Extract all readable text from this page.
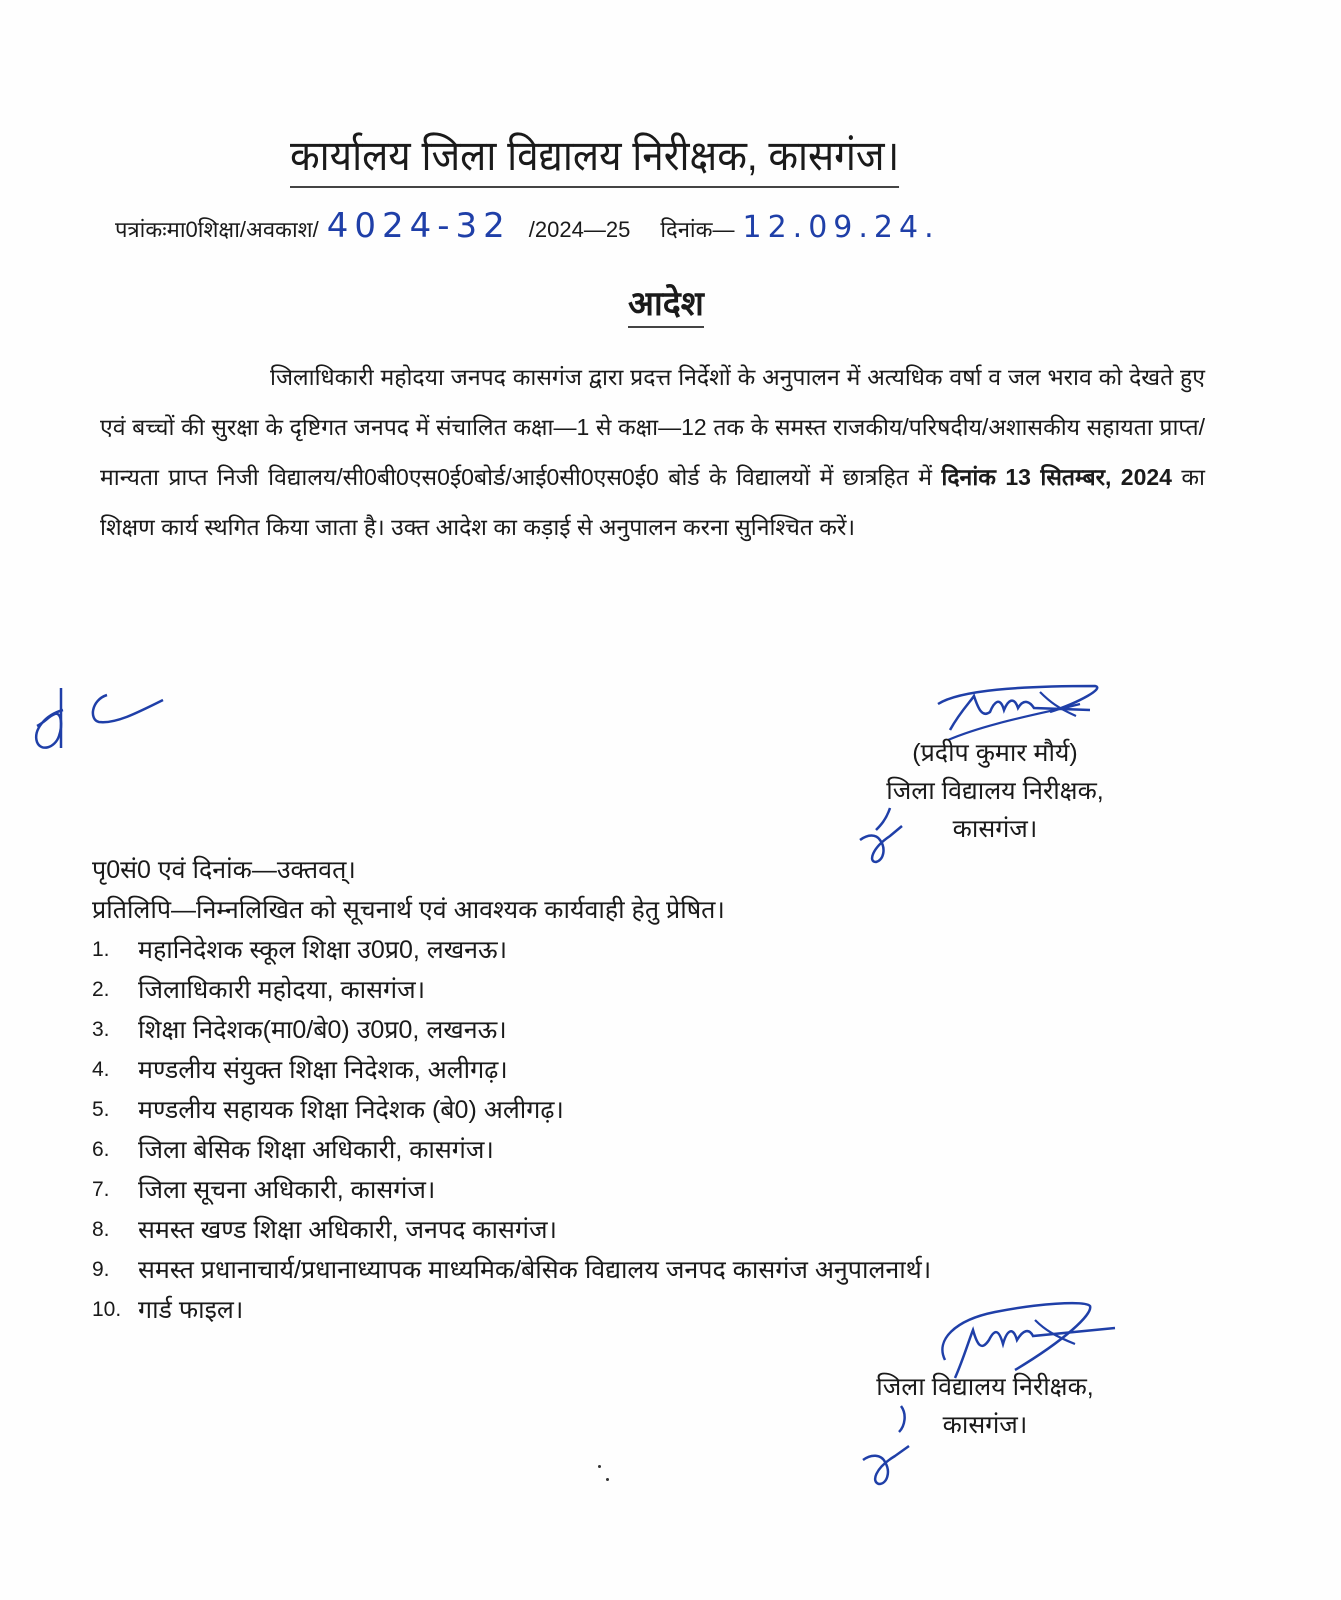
कार्यालय जिला विद्यालय निरीक्षक, कासगंज।
पत्रांकःमा0शिक्षा/अवकाश/ 4024-32 /2024—25 दिनांक— 12.09.24.
आदेश
जिलाधिकारी महोदया जनपद कासगंज द्वारा प्रदत्त निर्देशों के अनुपालन में अत्यधिक वर्षा व जल भराव को देखते हुए एवं बच्चों की सुरक्षा के दृष्टिगत जनपद में संचालित कक्षा—1 से कक्षा—12 तक के समस्त राजकीय/परिषदीय/अशासकीय सहायता प्राप्त/मान्यता प्राप्त निजी विद्यालय/सी0बी0एस0ई0बोर्ड/आई0सी0एस0ई0 बोर्ड के विद्यालयों में छात्रहित में दिनांक 13 सितम्बर, 2024 का शिक्षण कार्य स्थगित किया जाता है। उक्त आदेश का कड़ाई से अनुपालन करना सुनिश्चित करें।
(प्रदीप कुमार मौर्य)
जिला विद्यालय निरीक्षक,
कासगंज।
पृ0सं0 एवं दिनांक—उक्तवत्।
प्रतिलिपि—निम्नलिखित को सूचनार्थ एवं आवश्यक कार्यवाही हेतु प्रेषित।
1.	महानिदेशक स्कूल शिक्षा उ0प्र0, लखनऊ।
2.	जिलाधिकारी महोदया, कासगंज।
3.	शिक्षा निदेशक(मा0/बे0) उ0प्र0, लखनऊ।
4.	मण्डलीय संयुक्त शिक्षा निदेशक, अलीगढ़।
5.	मण्डलीय सहायक शिक्षा निदेशक (बे0) अलीगढ़।
6.	जिला बेसिक शिक्षा अधिकारी, कासगंज।
7.	जिला सूचना अधिकारी, कासगंज।
8.	समस्त खण्ड शिक्षा अधिकारी, जनपद कासगंज।
9.	समस्त प्रधानाचार्य/प्रधानाध्यापक माध्यमिक/बेसिक विद्यालय जनपद कासगंज अनुपालनार्थ।
10. गार्ड फाइल।
जिला विद्यालय निरीक्षक,
कासगंज।
